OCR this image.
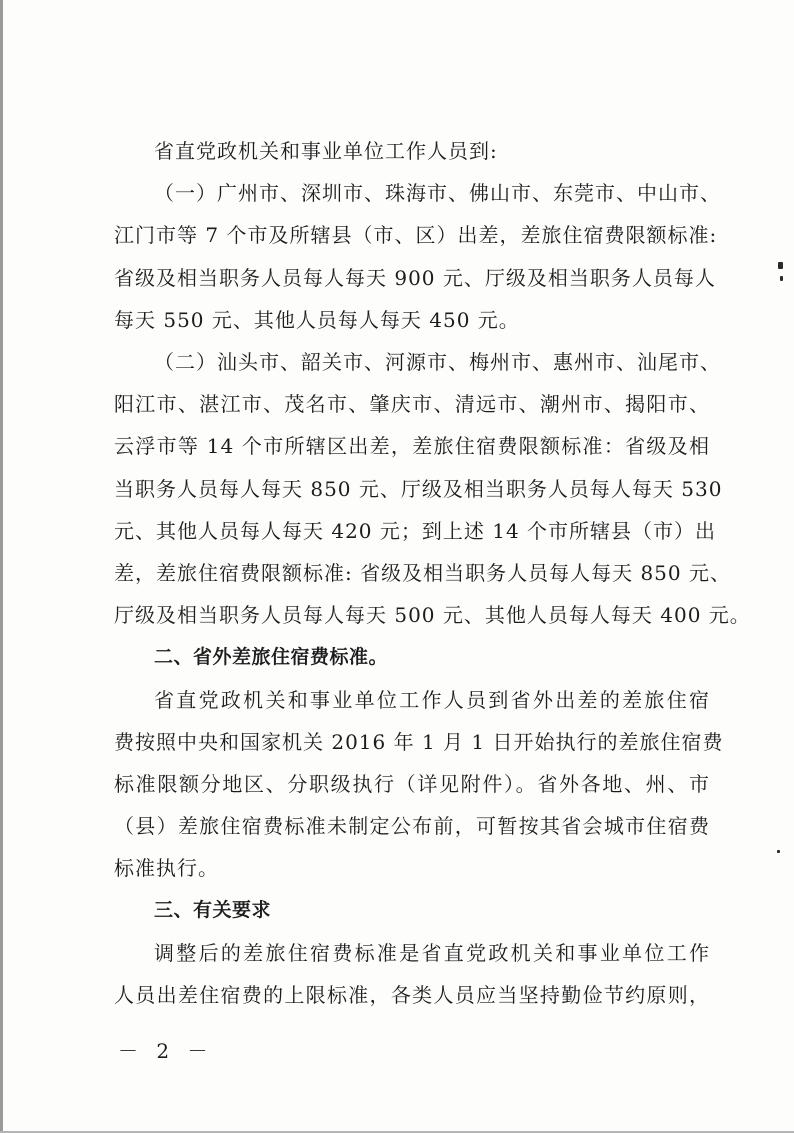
省直党政机关和事业单位工作人员到:
（一）广州市、深圳市、珠海市、佛山市、东莞市、中山市、
江门市等 7 个市及所辖县（市、区）出差，差旅住宿费限额标准:
省级及相当职务人员每人每天 900 元、厅级及相当职务人员每人
每天 550 元、其他人员每人每天 450 元。
（二）汕头市、韶关市、河源市、梅州市、惠州市、汕尾市、
阳江市、湛江市、茂名市、肇庆市、清远市、潮州市、揭阳市、
云浮市等 14 个市所辖区出差，差旅住宿费限额标准：省级及相
当职务人员每人每天 850 元、厅级及相当职务人员每人每天 530
元、其他人员每人每天 420 元；到上述 14 个市所辖县（市）出
差，差旅住宿费限额标准: 省级及相当职务人员每人每天 850 元、
厅级及相当职务人员每人每天 500 元、其他人员每人每天 400 元。
二、省外差旅住宿费标准。
省直党政机关和事业单位工作人员到省外出差的差旅住宿
费按照中央和国家机关 2016 年 1 月 1 日开始执行的差旅住宿费
标准限额分地区、分职级执行（详见附件）。省外各地、州、市
（县）差旅住宿费标准未制定公布前，可暂按其省会城市住宿费
标准执行。
三、有关要求
调整后的差旅住宿费标准是省直党政机关和事业单位工作
人员出差住宿费的上限标准，各类人员应当坚持勤俭节约原则，
－ 2 －
